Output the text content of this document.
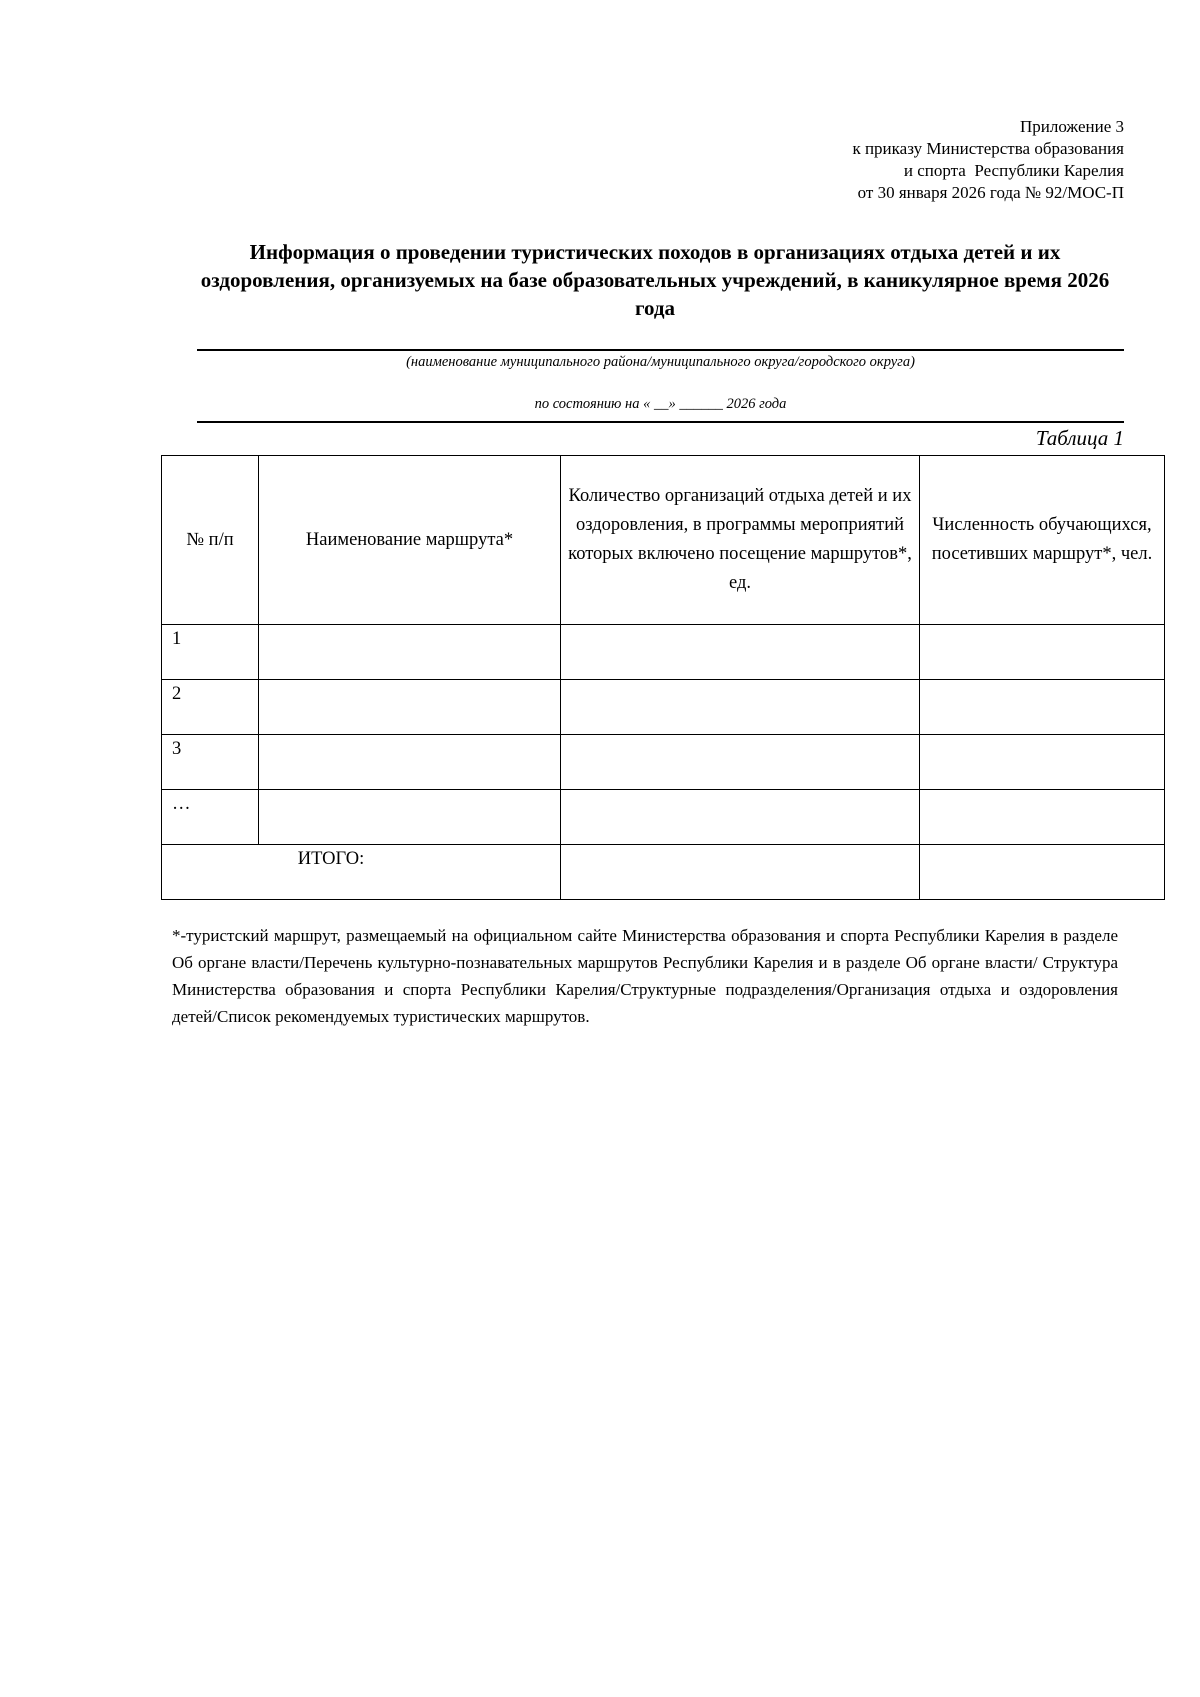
Приложение 3
к приказу Министерства образования
и спорта  Республики Карелия
от 30 января 2026 года № 92/МОС-П
Информация о проведении туристических походов в организациях отдыха детей и их оздоровления, организуемых на базе образовательных учреждений, в каникулярное время 2026 года
(наименование муниципального района/муниципального округа/городского округа)
по состоянию на « __» ______ 2026 года
Таблица 1
№ п/п	Наименование маршрута*	Количество организаций отдыха детей и их оздоровления, в программы мероприятий которых включено посещение маршрутов*, ед.	Численность обучающихся, посетивших маршрут*, чел.
1			
2			
3			
…			
ИТОГО:			
*-туристский маршрут, размещаемый на официальном сайте Министерства образования и спорта Республики Карелия в разделе Об органе власти/Перечень культурно-познавательных маршрутов Республики Карелия и в разделе Об органе власти/ Структура Министерства образования и спорта Республики Карелия/Структурные подразделения/Организация отдыха и оздоровления детей/Список рекомендуемых туристических маршрутов.
